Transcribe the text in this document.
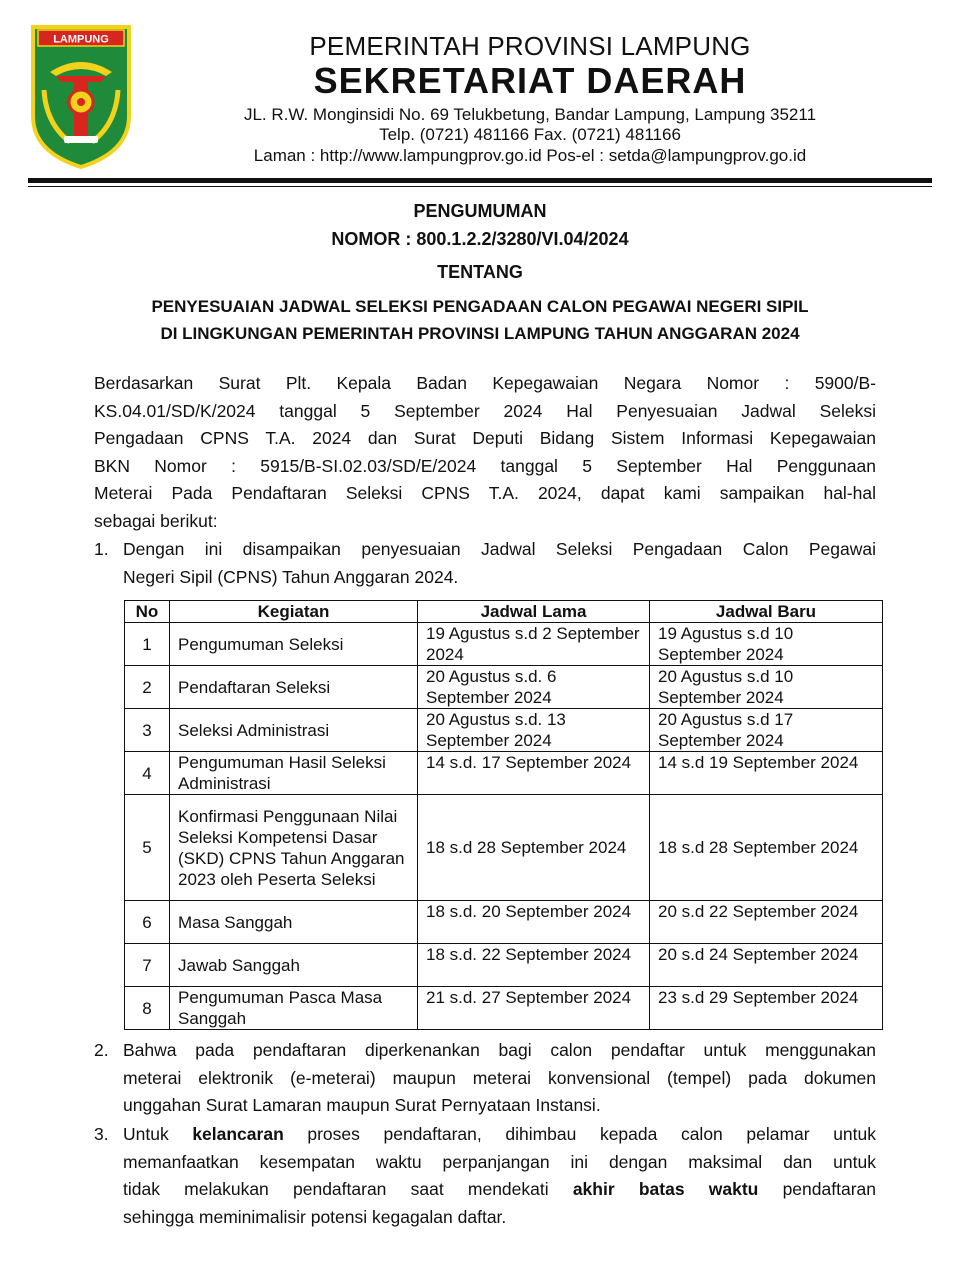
LAMPUNG	PEMERINTAH PROVINSI LAMPUNG
SEKRETARIAT DAERAH
JL. R.W. Monginsidi No. 69 Telukbetung, Bandar Lampung, Lampung 35211
Telp. (0721) 481166 Fax. (0721) 481166
Laman : http://www.lampungprov.go.id Pos-el : setda@lampungprov.go.id
PENGUMUMAN
NOMOR : 800.1.2.2/3280/VI.04/2024
TENTANG
PENYESUAIAN JADWAL SELEKSI PENGADAAN CALON PEGAWAI NEGERI SIPIL
DI LINGKUNGAN PEMERINTAH PROVINSI LAMPUNG TAHUN ANGGARAN 2024
Berdasarkan Surat Plt. Kepala Badan Kepegawaian Negara Nomor : 5900/B-
KS.04.01/SD/K/2024 tanggal 5 September 2024 Hal Penyesuaian Jadwal Seleksi
Pengadaan CPNS T.A. 2024 dan Surat Deputi Bidang Sistem Informasi Kepegawaian
BKN Nomor : 5915/B-SI.02.03/SD/E/2024 tanggal 5 September Hal Penggunaan
Meterai Pada Pendaftaran Seleksi CPNS T.A. 2024, dapat kami sampaikan hal-hal
sebagai berikut:
1. Dengan ini disampaikan penyesuaian Jadwal Seleksi Pengadaan Calon Pegawai
Negeri Sipil (CPNS) Tahun Anggaran 2024.
No	Kegiatan	Jadwal Lama	Jadwal Baru
1	Pengumuman Seleksi	19 Agustus s.d 2 September 2024	19 Agustus s.d 10 September 2024
2	Pendaftaran Seleksi	20 Agustus s.d. 6 September 2024	20 Agustus s.d 10 September 2024
3	Seleksi Administrasi	20 Agustus s.d. 13 September 2024	20 Agustus s.d 17 September 2024
4	Pengumuman Hasil Seleksi Administrasi	14 s.d. 17 September 2024	14 s.d 19 September 2024
5	Konfirmasi Penggunaan Nilai Seleksi Kompetensi Dasar (SKD) CPNS Tahun Anggaran 2023 oleh Peserta Seleksi	18 s.d 28 September 2024	18 s.d 28 September 2024
6	Masa Sanggah	18 s.d. 20 September 2024	20 s.d 22 September 2024
7	Jawab Sanggah	18 s.d. 22 September 2024	20 s.d 24 September 2024
8	Pengumuman Pasca Masa Sanggah	21 s.d. 27 September 2024	23 s.d 29 September 2024
2. Bahwa pada pendaftaran diperkenankan bagi calon pendaftar untuk menggunakan
meterai elektronik (e-meterai) maupun meterai konvensional (tempel) pada dokumen
unggahan Surat Lamaran maupun Surat Pernyataan Instansi.
3. Untuk kelancaran proses pendaftaran, dihimbau kepada calon pelamar untuk
memanfaatkan kesempatan waktu perpanjangan ini dengan maksimal dan untuk
tidak melakukan pendaftaran saat mendekati akhir batas waktu pendaftaran
sehingga meminimalisir potensi kegagalan daftar.
